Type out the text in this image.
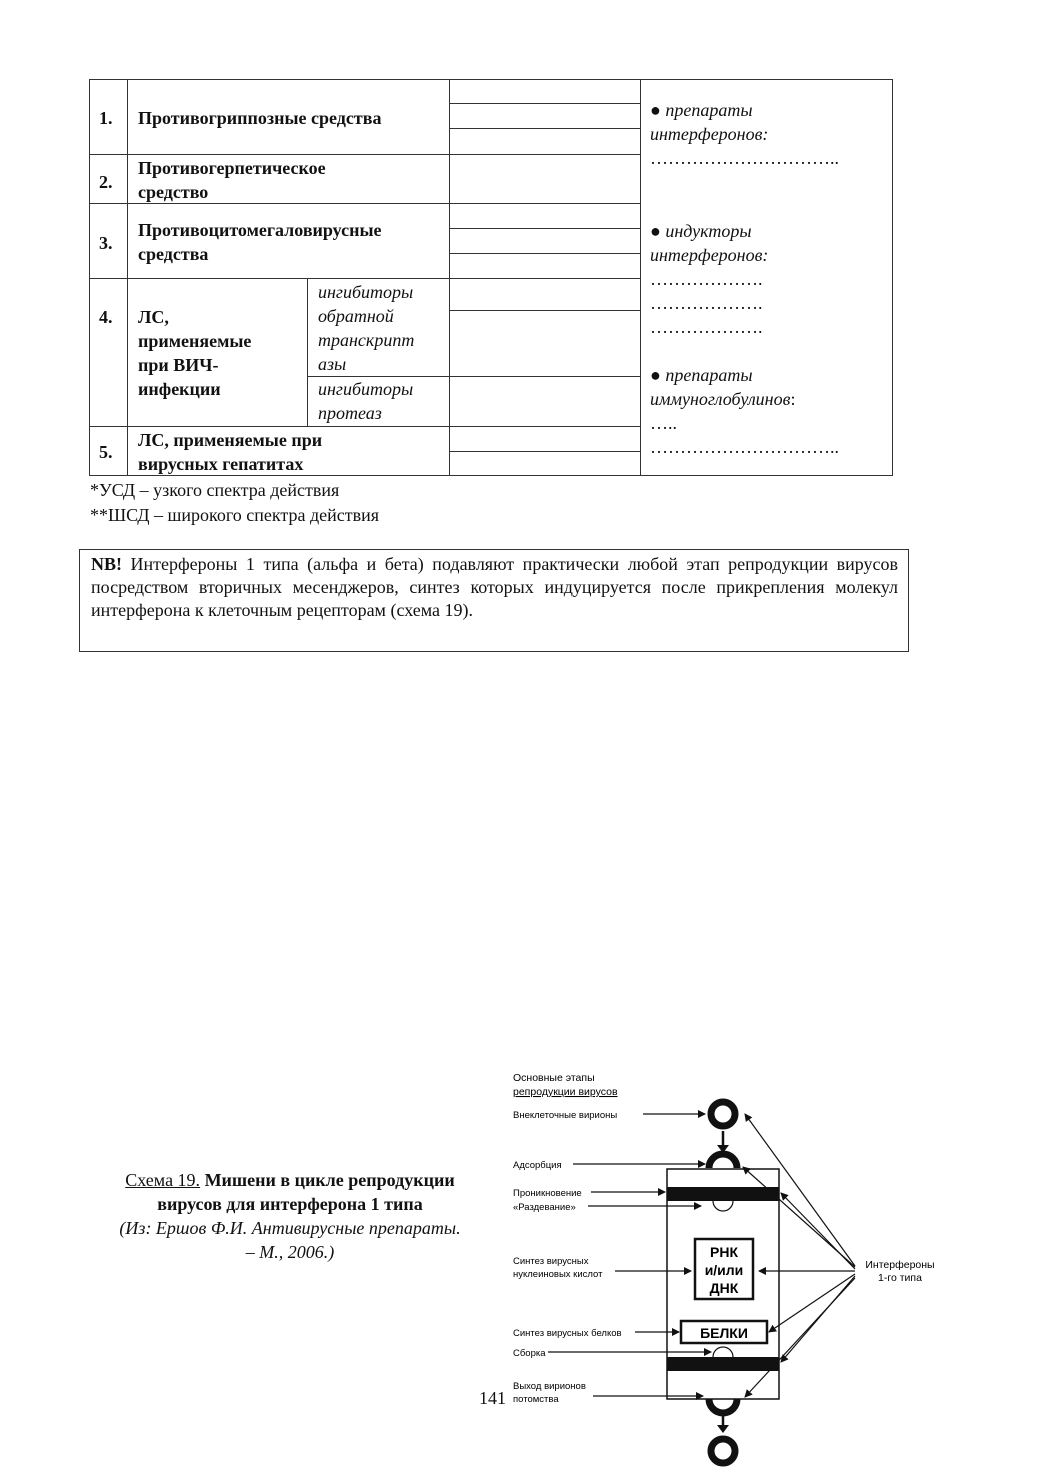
1. Противогриппозные средства
2.
Противогерпетическое
средство
3.
Противоцитомегаловирусные
средства
4. ЛС,
применяемые
при ВИЧ-
инфекции
ингибиторы
обратной
транскрипт
азы
ингибиторы
протеаз
5.
ЛС, применяемые при
вирусных гепатитах
● препараты
интерферонов:
…………………………..
● индукторы
интерферонов:
……………….
……………….
……………….
● препараты
иммуноглобулинов:
…..
…………………………..
*УСД – узкого спектра действия
**ШСД – широкого спектра действия
NB! Интерфероны 1 типа (альфа и бета) подавляют практически любой этап репродукции вирусов посредством вторичных месенджеров, синтез которых индуцируется после прикрепления молекул интерферона к клеточным рецепторам (схема 19).
Схема 19. Мишени в цикле репродукции
вирусов для интерферона 1 типа
(Из: Ершов Ф.И. Антивирусные препараты.
– М., 2006.)
141
Основные этапы
репродукции вирусов
Внеклеточные вирионы
Адсорбция
Проникновение
«Раздевание»
Синтез вирусных
нуклеиновых кислот
Синтез вирусных белков
Сборка
Выход вирионов
потомства
РНК
и/или
ДНК
БЕЛКИ
Интерфероны
1-го типа
